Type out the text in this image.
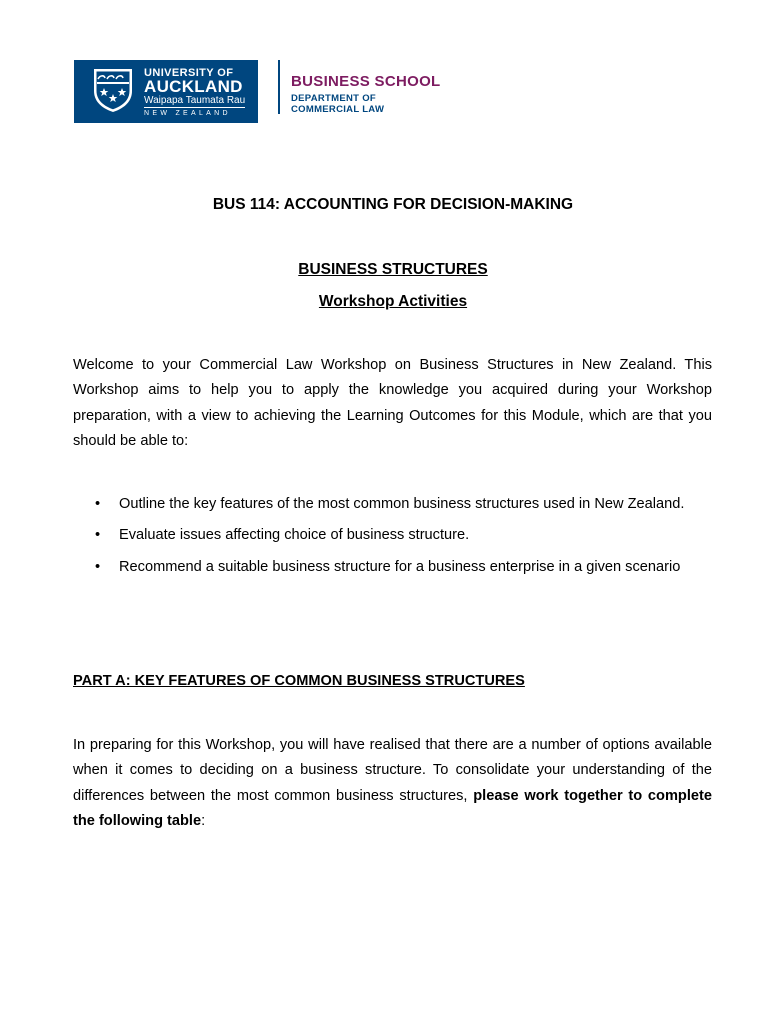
UNIVERSITY OF
AUCKLAND
Waipapa Taumata Rau
NEW ZEALAND
BUSINESS SCHOOL
DEPARTMENT OF
COMMERCIAL LAW
BUS 114: ACCOUNTING FOR DECISION-MAKING
BUSINESS STRUCTURES
Workshop Activities
Welcome to your Commercial Law Workshop on Business Structures in New Zealand. This Workshop aims to help you to apply the knowledge you acquired during your Workshop preparation, with a view to achieving the Learning Outcomes for this Module, which are that you should be able to:
• Outline the key features of the most common business structures used in New Zealand.
• Evaluate issues affecting choice of business structure.
• Recommend a suitable business structure for a business enterprise in a given scenario
PART A: KEY FEATURES OF COMMON BUSINESS STRUCTURES
In preparing for this Workshop, you will have realised that there are a number of options available when it comes to deciding on a business structure. To consolidate your understanding of the differences between the most common business structures, please work together to complete the following table:
